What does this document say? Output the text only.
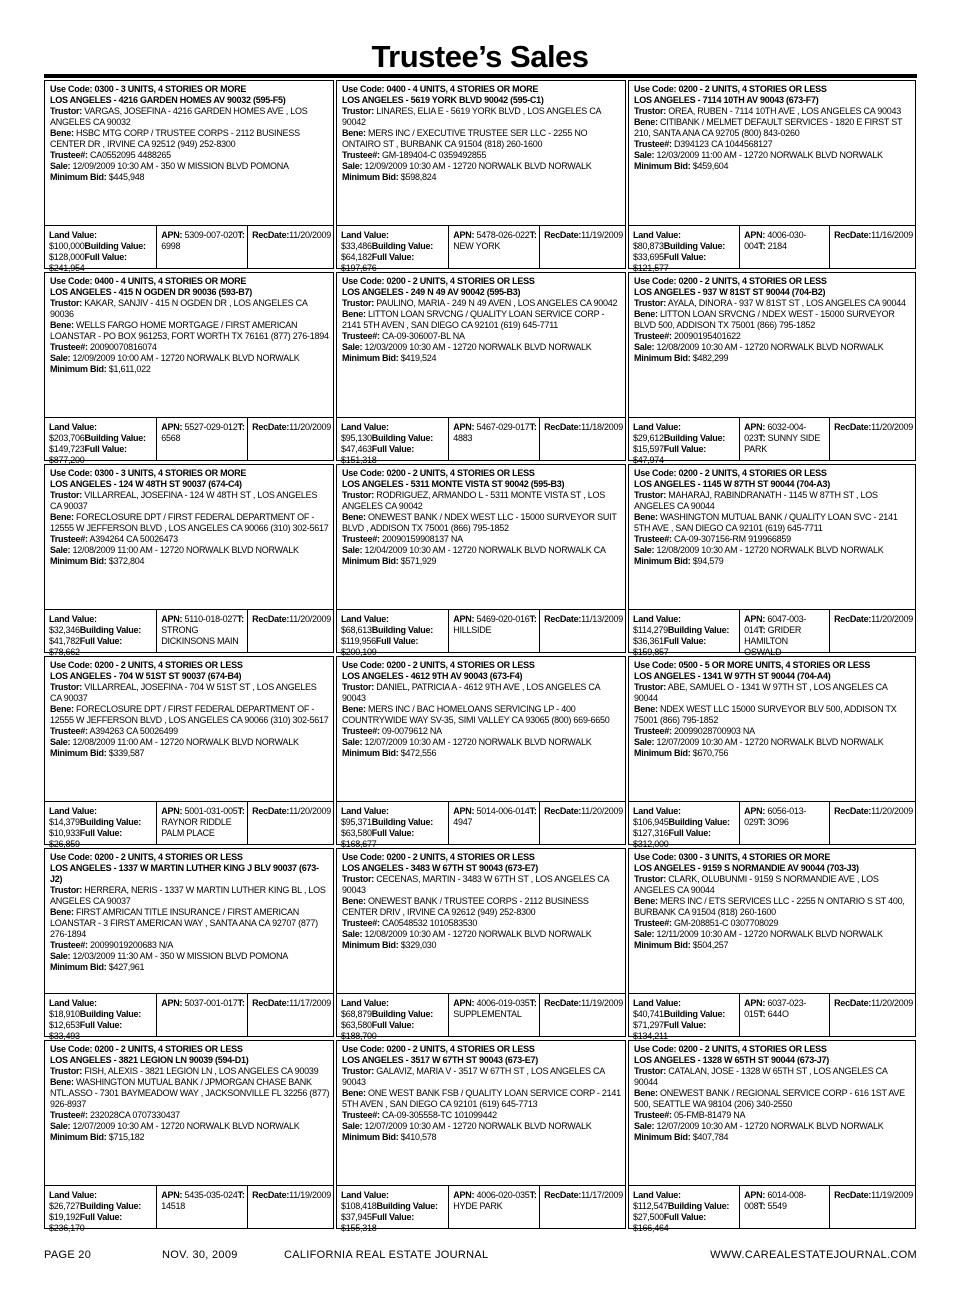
Trustee’s Sales
Use Code: 0300 - 3 UNITS, 4 STORIES OR MORE
LOS ANGELES - 4216 GARDEN HOMES AV 90032 (595-F5)
Trustor: VARGAS, JOSEFINA - 4216 GARDEN HOMES AVE , LOS ANGELES CA 90032
Bene: HSBC MTG CORP / TRUSTEE CORPS - 2112 BUSINESS CENTER DR , IRVINE CA 92512 (949) 252-8300
Trustee#: CA0552095 4488265
Sale: 12/09/2009 10:30 AM - 350 W MISSION BLVD POMONA
Minimum Bid: $445,948
Land Value: $100,000Building Value: $128,000Full Value: $241,954
APN: 5309-007-020T: 6998
RecDate:11/20/2009
Use Code: 0400 - 4 UNITS, 4 STORIES OR MORE
LOS ANGELES - 5619 YORK BLVD 90042 (595-C1)
Trustor: LINARES, ELIA E - 5619 YORK BLVD , LOS ANGELES CA 90042
Bene: MERS INC / EXECUTIVE TRUSTEE SER LLC - 2255 NO ONTAIRO ST , BURBANK CA 91504 (818) 260-1600
Trustee#: GM-189404-C 0359492855
Sale: 12/09/2009 10:30 AM - 12720 NORWALK BLVD NORWALK
Minimum Bid: $598,824
Land Value: $33,486Building Value: $64,182Full Value: $197,676
APN: 5478-026-022T: NEW YORK
RecDate:11/19/2009
Use Code: 0200 - 2 UNITS, 4 STORIES OR LESS
LOS ANGELES - 7114 10TH AV 90043 (673-F7)
Trustor: OREA, RUBEN - 7114 10TH AVE , LOS ANGELES CA 90043
Bene: CITIBANK / MELMET DEFAULT SERVICES - 1820 E FIRST ST 210, SANTA ANA CA 92705 (800) 843-0260
Trustee#: D394123 CA 1044568127
Sale: 12/03/2009 11:00 AM - 12720 NORWALK BLVD NORWALK
Minimum Bid: $459,604
Land Value: $80,873Building Value: $33,695Full Value: $121,577
APN: 4006-030-004T: 2184
RecDate:11/16/2009
Use Code: 0400 - 4 UNITS, 4 STORIES OR MORE
LOS ANGELES - 415 N OGDEN DR 90036 (593-B7)
Trustor: KAKAR, SANJIV - 415 N OGDEN DR , LOS ANGELES CA 90036
Bene: WELLS FARGO HOME MORTGAGE / FIRST AMERICAN LOANSTAR - PO BOX 961253, FORT WORTH TX 76161 (877) 276-1894
Trustee#: 20090070816074
Sale: 12/09/2009 10:00 AM - 12720 NORWALK BLVD NORWALK
Minimum Bid: $1,611,022
Land Value: $203,706Building Value: $149,723Full Value: $877,200
APN: 5527-029-012T: 6568
RecDate:11/20/2009
Use Code: 0200 - 2 UNITS, 4 STORIES OR LESS
LOS ANGELES - 249 N 49 AV 90042 (595-B3)
Trustor: PAULINO, MARIA - 249 N 49 AVEN , LOS ANGELES CA 90042
Bene: LITTON LOAN SRVCNG / QUALITY LOAN SERVICE CORP - 2141 5TH AVEN , SAN DIEGO CA 92101 (619) 645-7711
Trustee#: CA-09-306007-BL NA
Sale: 12/03/2009 10:30 AM - 12720 NORWALK BLVD NORWALK
Minimum Bid: $419,524
Land Value: $95,130Building Value: $47,463Full Value: $151,318
APN: 5467-029-017T: 4883
RecDate:11/18/2009
Use Code: 0200 - 2 UNITS, 4 STORIES OR LESS
LOS ANGELES - 937 W 81ST ST 90044 (704-B2)
Trustor: AYALA, DINORA - 937 W 81ST ST , LOS ANGELES CA 90044
Bene: LITTON LOAN SRVCNG / NDEX WEST - 15000 SURVEYOR BLVD 500, ADDISON TX 75001 (866) 795-1852
Trustee#: 20090195401622
Sale: 12/08/2009 10:30 AM - 12720 NORWALK BLVD NORWALK
Minimum Bid: $482,299
Land Value: $29,612Building Value: $15,597Full Value: $47,974
APN: 6032-004-023T: SUNNY SIDE PARK
RecDate:11/20/2009
Use Code: 0300 - 3 UNITS, 4 STORIES OR MORE
LOS ANGELES - 124 W 48TH ST 90037 (674-C4)
Trustor: VILLARREAL, JOSEFINA - 124 W 48TH ST , LOS ANGELES CA 90037
Bene: FORECLOSURE DPT / FIRST FEDERAL DEPARTMENT OF - 12555 W JEFFERSON BLVD , LOS ANGELES CA 90066 (310) 302-5617
Trustee#: A394264 CA 50026473
Sale: 12/08/2009 11:00 AM - 12720 NORWALK BLVD NORWALK
Minimum Bid: $372,804
Land Value: $32,346Building Value: $41,782Full Value: $78,662
APN: 5110-018-027T: STRONG DICKINSONS MAIN
RecDate:11/20/2009
Use Code: 0200 - 2 UNITS, 4 STORIES OR LESS
LOS ANGELES - 5311 MONTE VISTA ST 90042 (595-B3)
Trustor: RODRIGUEZ, ARMANDO L - 5311 MONTE VISTA ST , LOS ANGELES CA 90042
Bene: ONEWEST BANK / NDEX WEST LLC - 15000 SURVEYOR SUIT BLVD , ADDISON TX 75001 (866) 795-1852
Trustee#: 20090159908137 NA
Sale: 12/04/2009 10:30 AM - 12720 NORWALK BLVD NORWALK CA
Minimum Bid: $571,929
Land Value: $68,613Building Value: $119,956Full Value: $200,109
APN: 5469-020-016T: HILLSIDE
RecDate:11/13/2009
Use Code: 0200 - 2 UNITS, 4 STORIES OR LESS
LOS ANGELES - 1145 W 87TH ST 90044 (704-A3)
Trustor: MAHARAJ, RABINDRANATH - 1145 W 87TH ST , LOS ANGELES CA 90044
Bene: WASHINGTON MUTUAL BANK / QUALITY LOAN SVC - 2141 5TH AVE , SAN DIEGO CA 92101 (619) 645-7711
Trustee#: CA-09-307156-RM 919966859
Sale: 12/08/2009 10:30 AM - 12720 NORWALK BLVD NORWALK
Minimum Bid: $94,579
Land Value: $114,279Building Value: $36,361Full Value: $159,857
APN: 6047-003-014T: GRIDER HAMILTON OSWALD
RecDate:11/20/2009
Use Code: 0200 - 2 UNITS, 4 STORIES OR LESS
LOS ANGELES - 704 W 51ST ST 90037 (674-B4)
Trustor: VILLARREAL, JOSEFINA - 704 W 51ST ST , LOS ANGELES CA 90037
Bene: FORECLOSURE DPT / FIRST FEDERAL DEPARTMENT OF - 12555 W JEFFERSON BLVD , LOS ANGELES CA 90066 (310) 302-5617
Trustee#: A394263 CA 50026499
Sale: 12/08/2009 11:00 AM - 12720 NORWALK BLVD NORWALK
Minimum Bid: $339,587
Land Value: $14,379Building Value: $10,933Full Value: $26,859
APN: 5001-031-005T: RAYNOR RIDDLE PALM PLACE
RecDate:11/20/2009
Use Code: 0200 - 2 UNITS, 4 STORIES OR LESS
LOS ANGELES - 4612 9TH AV 90043 (673-F4)
Trustor: DANIEL, PATRICIA A - 4612 9TH AVE , LOS ANGELES CA 90043
Bene: MERS INC / BAC HOMELOANS SERVICING LP - 400 COUNTRYWIDE WAY SV-35, SIMI VALLEY CA 93065 (800) 669-6650
Trustee#: 09-0079612 NA
Sale: 12/07/2009 10:30 AM - 12720 NORWALK BLVD NORWALK
Minimum Bid: $472,556
Land Value: $95,371Building Value: $63,580Full Value: $168,677
APN: 5014-006-014T: 4947
RecDate:11/20/2009
Use Code: 0500 - 5 OR MORE UNITS, 4 STORIES OR LESS
LOS ANGELES - 1341 W 97TH ST 90044 (704-A4)
Trustor: ABE, SAMUEL O - 1341 W 97TH ST , LOS ANGELES CA 90044
Bene: NDEX WEST LLC 15000 SURVEYOR BLV 500, ADDISON TX 75001 (866) 795-1852
Trustee#: 20099028700903 NA
Sale: 12/07/2009 10:30 AM - 12720 NORWALK BLVD NORWALK
Minimum Bid: $670,756
Land Value: $106,945Building Value: $127,316Full Value: $312,000
APN: 6056-013-029T: 3O96
RecDate:11/20/2009
Use Code: 0200 - 2 UNITS, 4 STORIES OR LESS
LOS ANGELES - 1337 W MARTIN LUTHER KING J BLV 90037 (673-J2)
Trustor: HERRERA, NERIS - 1337 W MARTIN LUTHER KING BL , LOS ANGELES CA 90037
Bene: FIRST AMRICAN TITLE INSURANCE / FIRST AMERICAN LOANSTAR - 3 FIRST AMERICAN WAY , SANTA ANA CA 92707 (877) 276-1894
Trustee#: 20099019200683 N/A
Sale: 12/03/2009 11:30 AM - 350 W MISSION BLVD POMONA
Minimum Bid: $427,961
Land Value: $18,910Building Value: $12,653Full Value: $33,493
APN: 5037-001-017T: RecDate:11/17/2009
Use Code: 0200 - 2 UNITS, 4 STORIES OR LESS
LOS ANGELES - 3483 W 67TH ST 90043 (673-E7)
Trustor: CECENAS, MARTIN - 3483 W 67TH ST , LOS ANGELES CA 90043
Bene: ONEWEST BANK / TRUSTEE CORPS - 2112 BUSINESS CENTER DRIV , IRVINE CA 92612 (949) 252-8300
Trustee#: CA0548532 1010583530
Sale: 12/08/2009 10:30 AM - 12720 NORWALK BLVD NORWALK
Minimum Bid: $329,030
Land Value: $68,879Building Value: $63,580Full Value: $188,700
APN: 4006-019-035T: SUPPLEMENTAL
RecDate:11/19/2009
Use Code: 0300 - 3 UNITS, 4 STORIES OR MORE
LOS ANGELES - 9159 S NORMANDIE AV 90044 (703-J3)
Trustor: CLARK, OLUBUNMI - 9159 S NORMANDIE AVE , LOS ANGELES CA 90044
Bene: MERS INC / ETS SERVICES LLC - 2255 N ONTARIO S ST 400, BURBANK CA 91504 (818) 260-1600
Trustee#: GM-208851-C 0307708029
Sale: 12/11/2009 10:30 AM - 12720 NORWALK BLVD NORWALK
Minimum Bid: $504,257
Land Value: $40,741Building Value: $71,297Full Value: $134,211
APN: 6037-023-015T: 644O
RecDate:11/20/2009
Use Code: 0200 - 2 UNITS, 4 STORIES OR LESS
LOS ANGELES - 3821 LEGION LN 90039 (594-D1)
Trustor: FISH, ALEXIS - 3821 LEGION LN , LOS ANGELES CA 90039
Bene: WASHINGTON MUTUAL BANK / JPMORGAN CHASE BANK NTL.ASSO - 7301 BAYMEADOW WAY , JACKSONVILLE FL 32256 (877) 926-8937
Trustee#: 232028CA 0707330437
Sale: 12/07/2009 10:30 AM - 12720 NORWALK BLVD NORWALK
Minimum Bid: $715,182
Land Value: $26,727Building Value: $19,192Full Value: $236,170
APN: 5435-035-024T: 14518
RecDate:11/19/2009
Use Code: 0200 - 2 UNITS, 4 STORIES OR LESS
LOS ANGELES - 3517 W 67TH ST 90043 (673-E7)
Trustor: GALAVIZ, MARIA V - 3517 W 67TH ST , LOS ANGELES CA 90043
Bene: ONE WEST BANK FSB / QUALITY LOAN SERVICE CORP - 2141 5TH AVEN , SAN DIEGO CA 92101 (619) 645-7713
Trustee#: CA-09-305558-TC 101099442
Sale: 12/07/2009 10:30 AM - 12720 NORWALK BLVD NORWALK
Minimum Bid: $410,578
Land Value: $108,418Building Value: $37,945Full Value: $155,318
APN: 4006-020-035T: HYDE PARK
RecDate:11/17/2009
Use Code: 0200 - 2 UNITS, 4 STORIES OR LESS
LOS ANGELES - 1328 W 65TH ST 90044 (673-J7)
Trustor: CATALAN, JOSE - 1328 W 65TH ST , LOS ANGELES CA 90044
Bene: ONEWEST BANK / REGIONAL SERVICE CORP - 616 1ST AVE 500, SEATTLE WA 98104 (206) 340-2550
Trustee#: 05-FMB-81479 NA
Sale: 12/07/2009 10:30 AM - 12720 NORWALK BLVD NORWALK
Minimum Bid: $407,784
Land Value: $112,547Building Value: $27,500Full Value: $166,464
APN: 6014-008-008T: 5549
RecDate:11/19/2009
PAGE 20	NOV. 30, 2009	CALIFORNIA REAL ESTATE JOURNAL	WWW.CAREALESTATEJOURNAL.COM
